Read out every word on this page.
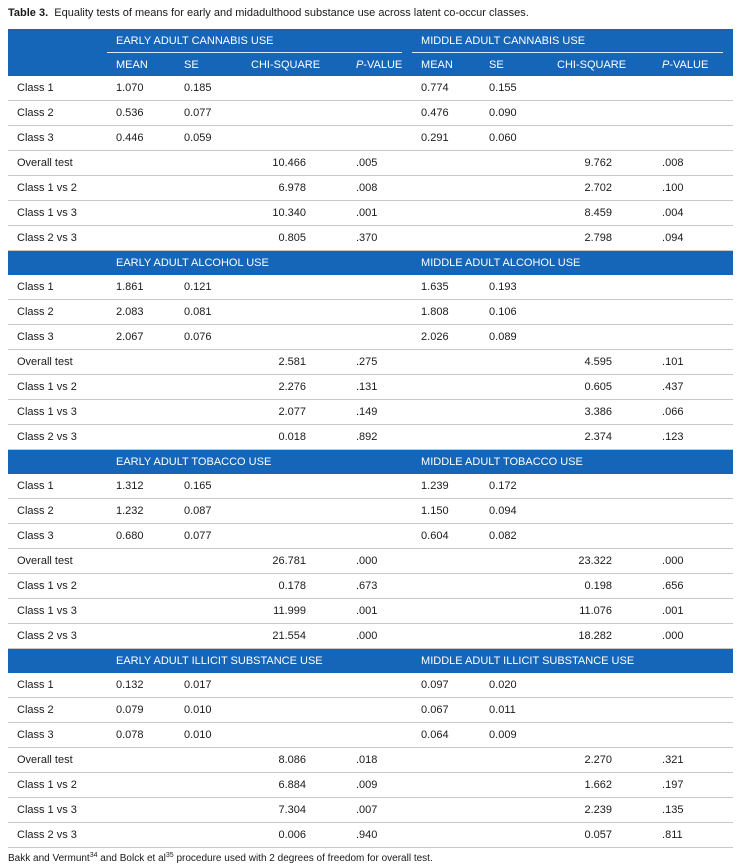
Table 3. Equality tests of means for early and midadulthood substance use across latent co-occur classes.
	EARLY ADULT CANNABIS USE				MIDDLE ADULT CANNABIS USE			

	MEAN	SE	CHI-SQUARE	P-VALUE	MEAN	SE	CHI-SQUARE	P-VALUE
Class 1	1.070	0.185			0.774	0.155		
Class 2	0.536	0.077			0.476	0.090		
Class 3	0.446	0.059			0.291	0.060		
Overall test			10.466	.005			9.762	.008
Class 1 vs 2			6.978	.008			2.702	.100
Class 1 vs 3			10.340	.001			8.459	.004
Class 2 vs 3			0.805	.370			2.798	.094
	EARLY ADULT ALCOHOL USE				MIDDLE ADULT ALCOHOL USE			
Class 1	1.861	0.121			1.635	0.193		
Class 2	2.083	0.081			1.808	0.106		
Class 3	2.067	0.076			2.026	0.089		
Overall test			2.581	.275			4.595	.101
Class 1 vs 2			2.276	.131			0.605	.437
Class 1 vs 3			2.077	.149			3.386	.066
Class 2 vs 3			0.018	.892			2.374	.123
	EARLY ADULT TOBACCO USE				MIDDLE ADULT TOBACCO USE			
Class 1	1.312	0.165			1.239	0.172		
Class 2	1.232	0.087			1.150	0.094		
Class 3	0.680	0.077			0.604	0.082		
Overall test			26.781	.000			23.322	.000
Class 1 vs 2			0.178	.673			0.198	.656
Class 1 vs 3			11.999	.001			11.076	.001
Class 2 vs 3			21.554	.000			18.282	.000
	EARLY ADULT ILLICIT SUBSTANCE USE				MIDDLE ADULT ILLICIT SUBSTANCE USE			
Class 1	0.132	0.017			0.097	0.020		
Class 2	0.079	0.010			0.067	0.011		
Class 3	0.078	0.010			0.064	0.009		
Overall test			8.086	.018			2.270	.321
Class 1 vs 2			6.884	.009			1.662	.197
Class 1 vs 3			7.304	.007			2.239	.135
Class 2 vs 3			0.006	.940			0.057	.811
Bakk and Vermunt$^{34}$ and Bolck et $al^{35}$ procedure used with 2 degrees of freedom for overall test.
